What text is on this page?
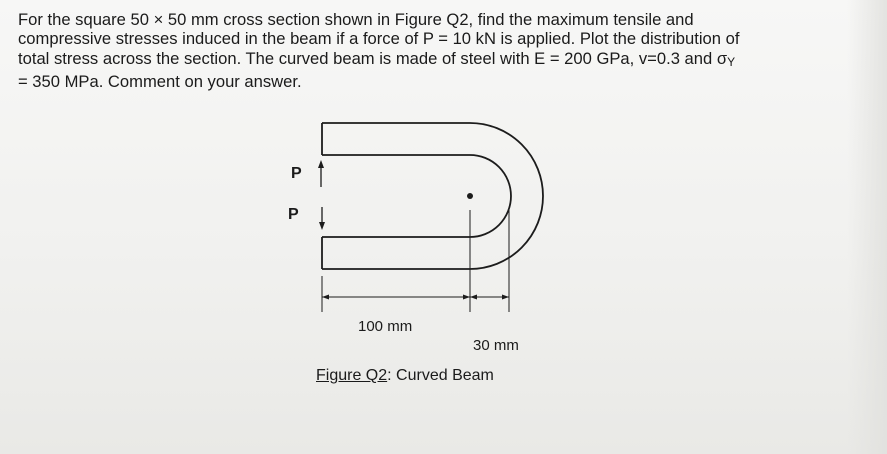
For the square 50 × 50 mm cross section shown in Figure Q2, find the maximum tensile and
compressive stresses induced in the beam if a force of P = 10 kN is applied. Plot the distribution of
total stress across the section. The curved beam is made of steel with E = 200 GPa, v=0.3 and σY
= 350 MPa. Comment on your answer.
P
P
100 mm
30 mm
Figure Q2: Curved Beam
